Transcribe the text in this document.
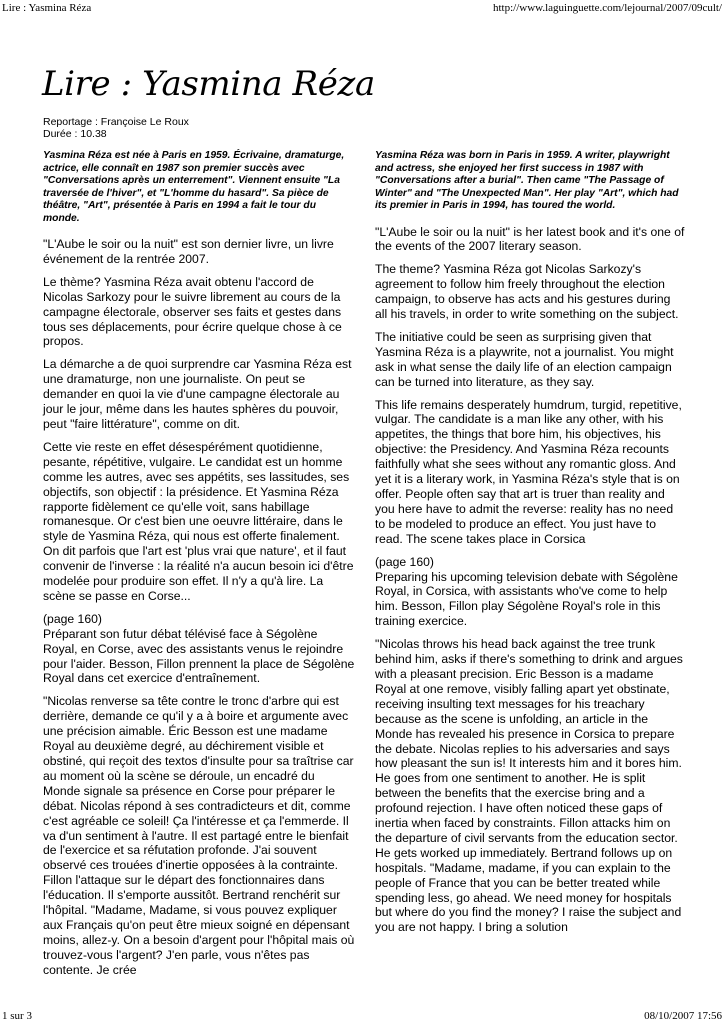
Lire : Yasmina Réza	http://www.laguinguette.com/lejournal/2007/09cult/
Lire : Yasmina Réza
Reportage : Françoise Le Roux
Durée : 10.38

Yasmina Réza est née à Paris en 1959. Écrivaine, dramaturge, actrice, elle connaît en 1987 son premier succès avec "Conversations après un enterrement". Viennent ensuite "La traversée de l'hiver", et "L'homme du hasard". Sa pièce de théâtre, "Art", présentée à Paris en 1994 a fait le tour du monde.

"L'Aube le soir ou la nuit" est son dernier livre, un livre événement de la rentrée 2007.

Le thème? Yasmina Réza avait obtenu l'accord de Nicolas Sarkozy pour le suivre librement au cours de la campagne électorale, observer ses faits et gestes dans tous ses déplacements, pour écrire quelque chose à ce propos.

La démarche a de quoi surprendre car Yasmina Réza est une dramaturge, non une journaliste. On peut se demander en quoi la vie d'une campagne électorale au jour le jour, même dans les hautes sphères du pouvoir, peut "faire littérature", comme on dit.

Cette vie reste en effet désespérément quotidienne, pesante, répétitive, vulgaire. Le candidat est un homme comme les autres, avec ses appétits, ses lassitudes, ses objectifs, son objectif : la présidence. Et Yasmina Réza rapporte fidèlement ce qu'elle voit, sans habillage romanesque. Or c'est bien une oeuvre littéraire, dans le style de Yasmina Réza, qui nous est offerte finalement. On dit parfois que l'art est 'plus vrai que nature', et il faut convenir de l'inverse : la réalité n'a aucun besoin ici d'être modelée pour produire son effet. Il n'y a qu'à lire. La scène se passe en Corse...

(page 160)

Préparant son futur débat télévisé face à Ségolène Royal, en Corse, avec des assistants venus le rejoindre pour l'aider. Besson, Fillon prennent la place de Ségolène Royal dans cet exercice d'entraînement.

"Nicolas renverse sa tête contre le tronc d'arbre qui est derrière, demande ce qu'il y a à boire et argumente avec une précision aimable. Éric Besson est une madame Royal au deuxième degré, au déchirement visible et obstiné, qui reçoit des textos d'insulte pour sa traîtrise car au moment où la scène se déroule, un encadré du Monde signale sa présence en Corse pour préparer le débat. Nicolas répond à ses contradicteurs et dit, comme c'est agréable ce soleil! Ça l'intéresse et ça l'emmerde. Il va d'un sentiment à l'autre. Il est partagé entre le bienfait de l'exercice et sa réfutation profonde. J'ai souvent observé ces trouées d'inertie opposées à la contrainte. Fillon l'attaque sur le départ des fonctionnaires dans l'éducation. Il s'emporte aussitôt. Bertrand renchérit sur l'hôpital. "Madame, Madame, si vous pouvez expliquer aux Français qu'on peut être mieux soigné en dépensant moins, allez-y. On a besoin d'argent pour l'hôpital mais où trouvez-vous l'argent? J'en parle, vous n'êtes pas contente. Je crée

Yasmina Réza was born in Paris in 1959. A writer, playwright and actress, she enjoyed her first success in 1987 with "Conversations after a burial". Then came "The Passage of Winter" and "The Unexpected Man". Her play "Art", which had its premier in Paris in 1994, has toured the world.

"L'Aube le soir ou la nuit" is her latest book and it's one of the events of the 2007 literary season.

The theme? Yasmina Réza got Nicolas Sarkozy's agreement to follow him freely throughout the election campaign, to observe has acts and his gestures during all his travels, in order to write something on the subject.

The initiative could be seen as surprising given that Yasmina Réza is a playwrite, not a journalist. You might ask in what sense the daily life of an election campaign can be turned into literature, as they say.

This life remains desperately humdrum, turgid, repetitive, vulgar. The candidate is a man like any other, with his appetites, the things that bore him, his objectives, his objective: the Presidency. And Yasmina Réza recounts faithfully what she sees without any romantic gloss. And yet it is a literary work, in Yasmina Réza's style that is on offer. People often say that art is truer than reality and you here have to admit the reverse: reality has no need to be modeled to produce an effect. You just have to read. The scene takes place in Corsica

(page 160)

Preparing his upcoming television debate with Ségolène Royal, in Corsica, with assistants who've come to help him. Besson, Fillon play Ségolène Royal's role in this training exercice.

"Nicolas throws his head back against the tree trunk behind him, asks if there's something to drink and argues with a pleasant precision. Eric Besson is a madame Royal at one remove, visibly falling apart yet obstinate, receiving insulting text messages for his treachary because as the scene is unfolding, an article in the Monde has revealed his presence in Corsica to prepare the debate. Nicolas replies to his adversaries and says how pleasant the sun is! It interests him and it bores him. He goes from one sentiment to another. He is split between the benefits that the exercise bring and a profound rejection. I have often noticed these gaps of inertia when faced by constraints. Fillon attacks him on the departure of civil servants from the education sector. He gets worked up immediately. Bertrand follows up on hospitals. "Madame, madame, if you can explain to the people of France that you can be better treated while spending less, go ahead. We need money for hospitals but where do you find the money? I raise the subject and you are not happy. I bring a solution

1 sur 3	08/10/2007 17:56
